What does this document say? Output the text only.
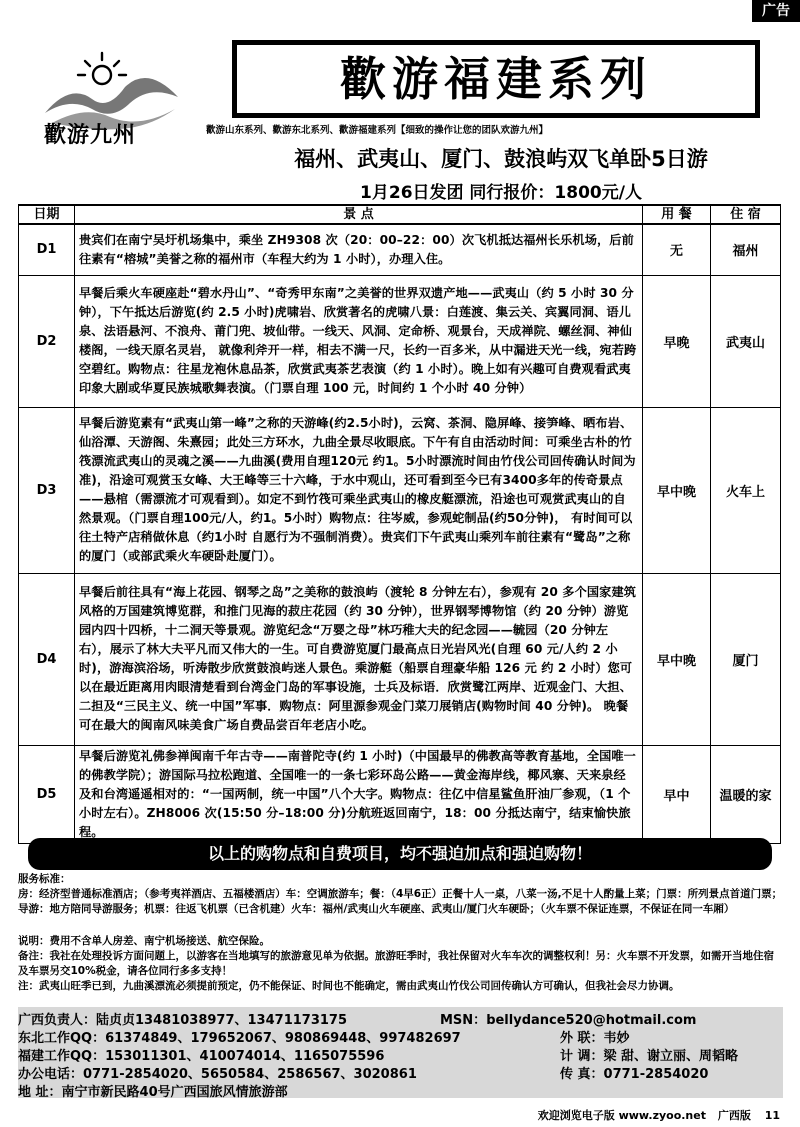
广告
歡游九州
歡游福建系列
歡游山东系列、歡游东北系列、歡游福建系列【细致的操作让您的团队欢游九州】
福州、武夷山、厦门、鼓浪屿双飞单卧5日游
1月26日发团 同行报价：1800元/人
日期	景 点	用 餐	住 宿
D1	贵宾们在南宁吴圩机场集中，乘坐 ZH9308 次（20：00–22：00）次飞机抵达福州长乐机场，后前往素有“榕城”美誉之称的福州市（车程大约为 1 小时），办理入住。	无	福州
D2	早餐后乘火车硬座赴“碧水丹山”、“奇秀甲东南”之美誉的世界双遗产地——武夷山（约 5 小时 30 分钟），下午抵达后游览(约 2.5 小时)虎啸岩、欣赏著名的虎啸八景：白莲渡、集云关、宾翼同洞、语儿泉、法语悬河、不浪舟、莆门兜、坡仙带。一线天、风洞、定命桥、观景台，天成禅院、螺丝洞、神仙楼阁，一线天原名灵岩， 就像利斧开一样，相去不满一尺，长约一百多米，从中漏进天光一线，宛若跨空碧红。购物点：往星龙袍休息品茶，欣赏武夷茶艺表演（约 1 小时）。晚上如有兴趣可自费观看武夷印象大剧或华夏民族城歌舞表演。（门票自理 100 元，时间约 1 个小时 40 分钟）	早晚	武夷山
D3	早餐后游览素有“武夷山第一峰”之称的天游峰(约2.5小时)，云窝、茶洞、隐屏峰、接笋峰、晒布岩、仙浴潭、天游阁、朱熹园；此处三方环水，九曲全景尽收眼底。下午有自由活动时间：可乘坐古朴的竹筏漂流武夷山的灵魂之溪——九曲溪(费用自理120元 约1。5小时漂流时间由竹伐公司回传确认时间为准)，沿途可观赏玉女峰、大王峰等三十六峰，于水中观山，还可看到至今已有3400多年的传奇景点——悬棺（需漂流才可观看到）。如定不到竹筏可乘坐武夷山的橡皮艇漂流，沿途也可观赏武夷山的自然景观。（门票自理100元/人，约1。5小时）购物点：往岑威，参观蛇制品(约50分钟)， 有时间可以往土特产店稍做休息（约1小时 自愿行为不强制消费）。贵宾们下午武夷山乘列车前往素有“鹭岛”之称的厦门（或部武乘火车硬卧赴厦门）。	早中晚	火车上
D4	早餐后前往具有“海上花园、钢琴之岛”之美称的鼓浪屿（渡轮 8 分钟左右），参观有 20 多个国家建筑风格的万国建筑博览群，和推门见海的菽庄花园（约 30 分钟），世界钢琴博物馆（约 20 分钟）游览园内四十四桥，十二洞天等景观。游览纪念“万婴之母”林巧稚大夫的纪念园——毓园（20 分钟左右），展示了林大夫平凡而又伟大的一生。可自费游览厦门最高点日光岩风光(自理 60 元/人约 2 小时)，游海滨浴场，听涛散步欣赏鼓浪屿迷人景色。乘游艇（船票自理豪华船 126 元 约 2 小时）您可以在最近距离用肉眼清楚看到台湾金门岛的军事设施，士兵及标语．欣赏鹭江两岸、近观金门、大担、二担及“三民主义、统一中国”军事．购物点：阿里源参观金门菜刀展销店(购物时间 40 分钟)。 晚餐可在最大的闽南风味美食广场自费品尝百年老店小吃。	早中晚	厦门
D5	早餐后游览礼佛参禅闽南千年古寺——南普陀寺(约 1 小时)（中国最早的佛教高等教育基地，全国唯一的佛教学院）；游国际马拉松跑道、全国唯一的一条七彩环岛公路——黄金海岸线，椰风寨、天来泉经及和台湾遥遥相对的：“一国两制，统一中国”八个大字。购物点：往亿中信星鲨鱼肝油厂参观，（1 个小时左右）。ZH8006 次(15:50 分–18:00 分)分航班返回南宁，18：00 分抵达南宁，结束愉快旅程。	早中	温暖的家
以上的购物点和自费项目，均不强迫加点和强迫购物！
服务标准：
房：经济型普通标准酒店；（参考夷祥酒店、五福楼酒店）车：空调旅游车；餐：（4早6正）正餐十人一桌，八菜一汤,不足十人酌量上菜；门票：所列景点首道门票；导游：地方陪同导游服务；机票：往返飞机票（已含机建）火车：福州/武夷山火车硬座、武夷山/厦门火车硬卧；（火车票不保证连票，不保证在同一车厢）
说明：费用不含单人房差、南宁机场接送、航空保险。
备注：我社在处理投诉方面问题上，以游客在当地填写的旅游意见单为依据。旅游旺季时，我社保留对火车车次的调整权利！另：火车票不开发票，如需开当地住宿及车票另交10%税金，请各位同行多多支持！
注：武夷山旺季已到，九曲溪漂流必须提前预定，仍不能保证、时间也不能确定，需由武夷山竹伐公司回传确认方可确认，但我社会尽力协调。
广西负责人：陆贞贞13481038977、13471173175	MSN：bellydance520@hotmail.com
东北工作QQ：61374849、179652067、980869448、997482697	外 联：韦妙
福建工作QQ：153011301、410074014、1165075596	计 调：梁 甜、谢立丽、周韬略
办公电话：0771-2854020、5650584、2586567、3020861	传 真：0771-2854020
地 址：南宁市新民路40号广西国旅风情旅游部
欢迎浏览电子版 www.zyoo.net 广西版 11
